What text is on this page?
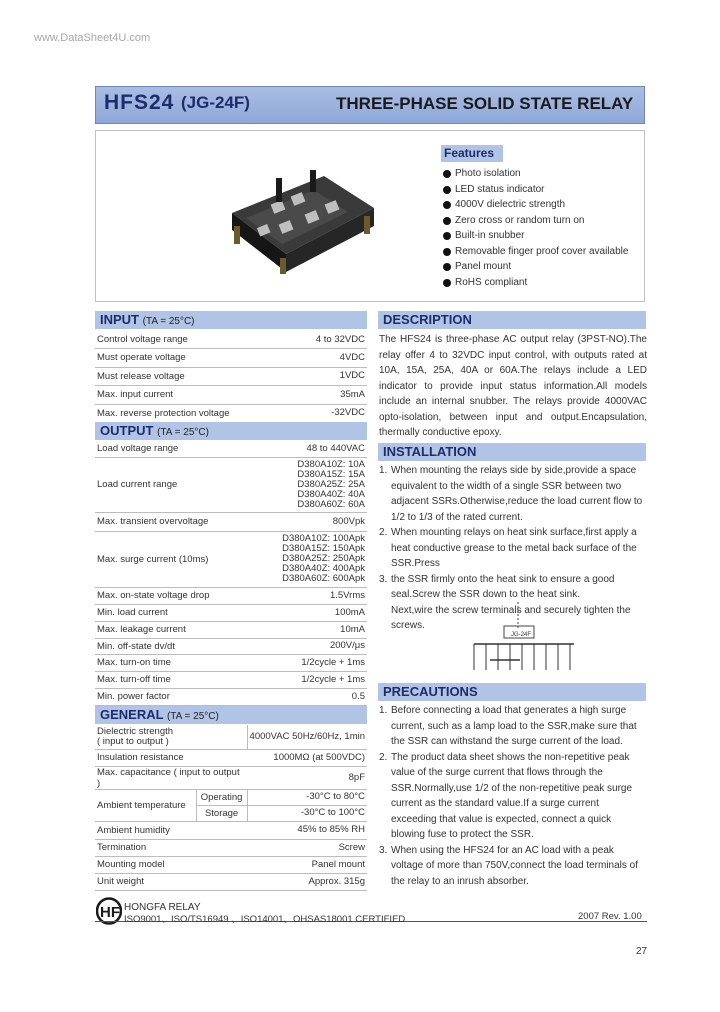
www.DataSheet4U.com
HFS24 (JG-24F)	THREE-PHASE SOLID STATE RELAY
Features
Photo isolation
LED status indicator
4000V dielectric strength
Zero cross or random turn on
Built-in snubber
Removable finger proof cover available
Panel mount
RoHS compliant
INPUT (TA = 25°C)
Control voltage range	4 to 32VDC
Must operate voltage	4VDC
Must release voltage	1VDC
Max. input current	35mA
Max. reverse protection voltage	-32VDC
OUTPUT (TA = 25°C)
Load voltage range	48 to 440VAC
Load current range	D380A10Z: 10A
D380A15Z: 15A
D380A25Z: 25A
D380A40Z: 40A
D380A60Z: 60A
Max. transient overvoltage	800Vpk
Max. surge current (10ms)	D380A10Z: 100Apk
D380A15Z: 150Apk
D380A25Z: 250Apk
D380A40Z: 400Apk
D380A60Z: 600Apk
Max. on-state voltage drop	1.5Vrms
Min. load current	100mA
Max. leakage current	10mA
Min. off-state dv/dt	200V/μs
Max. turn-on time	1/2cycle + 1ms
Max. turn-off time	1/2cycle + 1ms
Min. power factor	0.5
GENERAL (TA = 25°C)
Dielectric strength
( input to output )		4000VAC 50Hz/60Hz, 1min
Insulation resistance		1000MΩ (at 500VDC)
Max. capacitance ( input to output )		8pF
Ambient temperature	Operating	-30°C to 80°C
	Storage	-30°C to 100°C
Ambient humidity		45% to 85% RH
Termination		Screw
Mounting model		Panel mount
Unit weight		Approx. 315g
DESCRIPTION
The HFS24 is three-phase AC output relay (3PST-NO).The relay offer 4 to 32VDC input control, with outputs rated at 10A, 15A, 25A, 40A or 60A.The relays include a LED indicator to provide input status information.All models include an internal snubber. The relays provide 4000VAC opto-isolation, between input and output.Encapsulation, thermally conductive epoxy.
INSTALLATION
1. When mounting the relays side by side,provide a space equivalent to the width of a single SSR between two adjacent SSRs.Otherwise,reduce the load current flow to 1/2 to 1/3 of the rated current.
2. When mounting relays on heat sink surface,first apply a heat conductive grease to the metal back surface of the SSR.Press
3. the SSR firmly onto the heat sink to ensure a good seal.Screw the SSR down to the heat sink.
Next,wire the screw terminals and securely tighten the screws.
JG-24F
PRECAUTIONS
1. Before connecting a load that generates a high surge current, such as a lamp load to the SSR,make sure that the SSR can withstand the surge current of the load.
2. The product data sheet shows the non-repetitive peak value of the surge current that flows through the SSR.Normally,use 1/2 of the non-repetitive peak surge current as the standard value.If a surge current exceeding that value is expected, connect a quick blowing fuse to protect the SSR.
3. When using the HFS24 for an AC load with a peak voltage of more than 750V,connect the load terminals of the relay to an inrush absorber.
HF HONGFA RELAY
ISO9001、ISO/TS16949 、ISO14001、OHSAS18001 CERTIFIED	2007 Rev. 1.00
27
